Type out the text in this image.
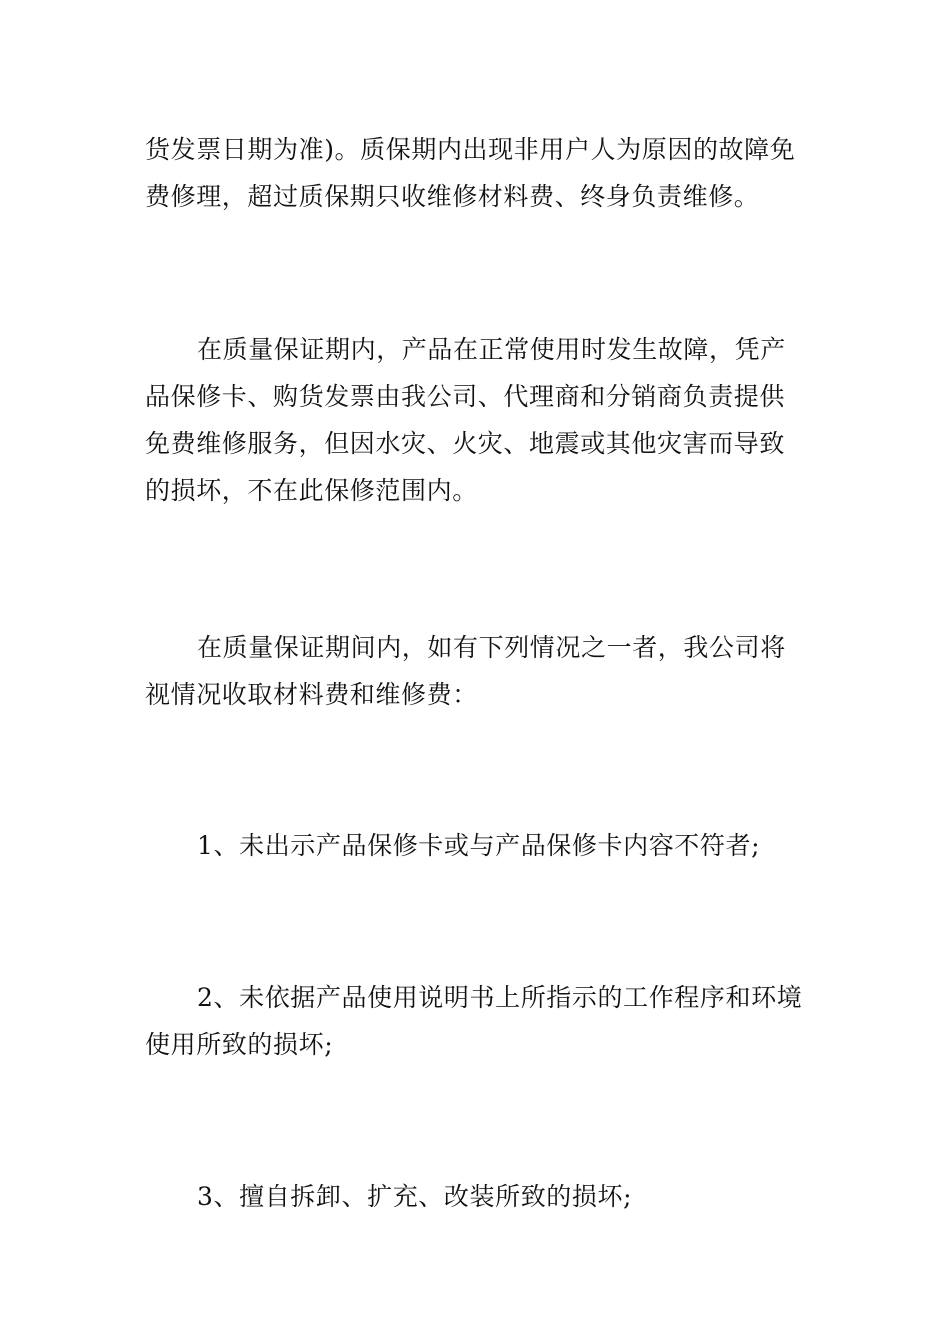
货发票日期为准)。质保期内出现非用户人为原因的故障免
费修理，超过质保期只收维修材料费、终身负责维修。

在质量保证期内，产品在正常使用时发生故障，凭产
品保修卡、购货发票由我公司、代理商和分销商负责提供
免费维修服务，但因水灾、火灾、地震或其他灾害而导致
的损坏，不在此保修范围内。

在质量保证期间内，如有下列情况之一者，我公司将
视情况收取材料费和维修费：

1、未出示产品保修卡或与产品保修卡内容不符者;

2、未依据产品使用说明书上所指示的工作程序和环境
使用所致的损坏;

3、擅自拆卸、扩充、改装所致的损坏;
